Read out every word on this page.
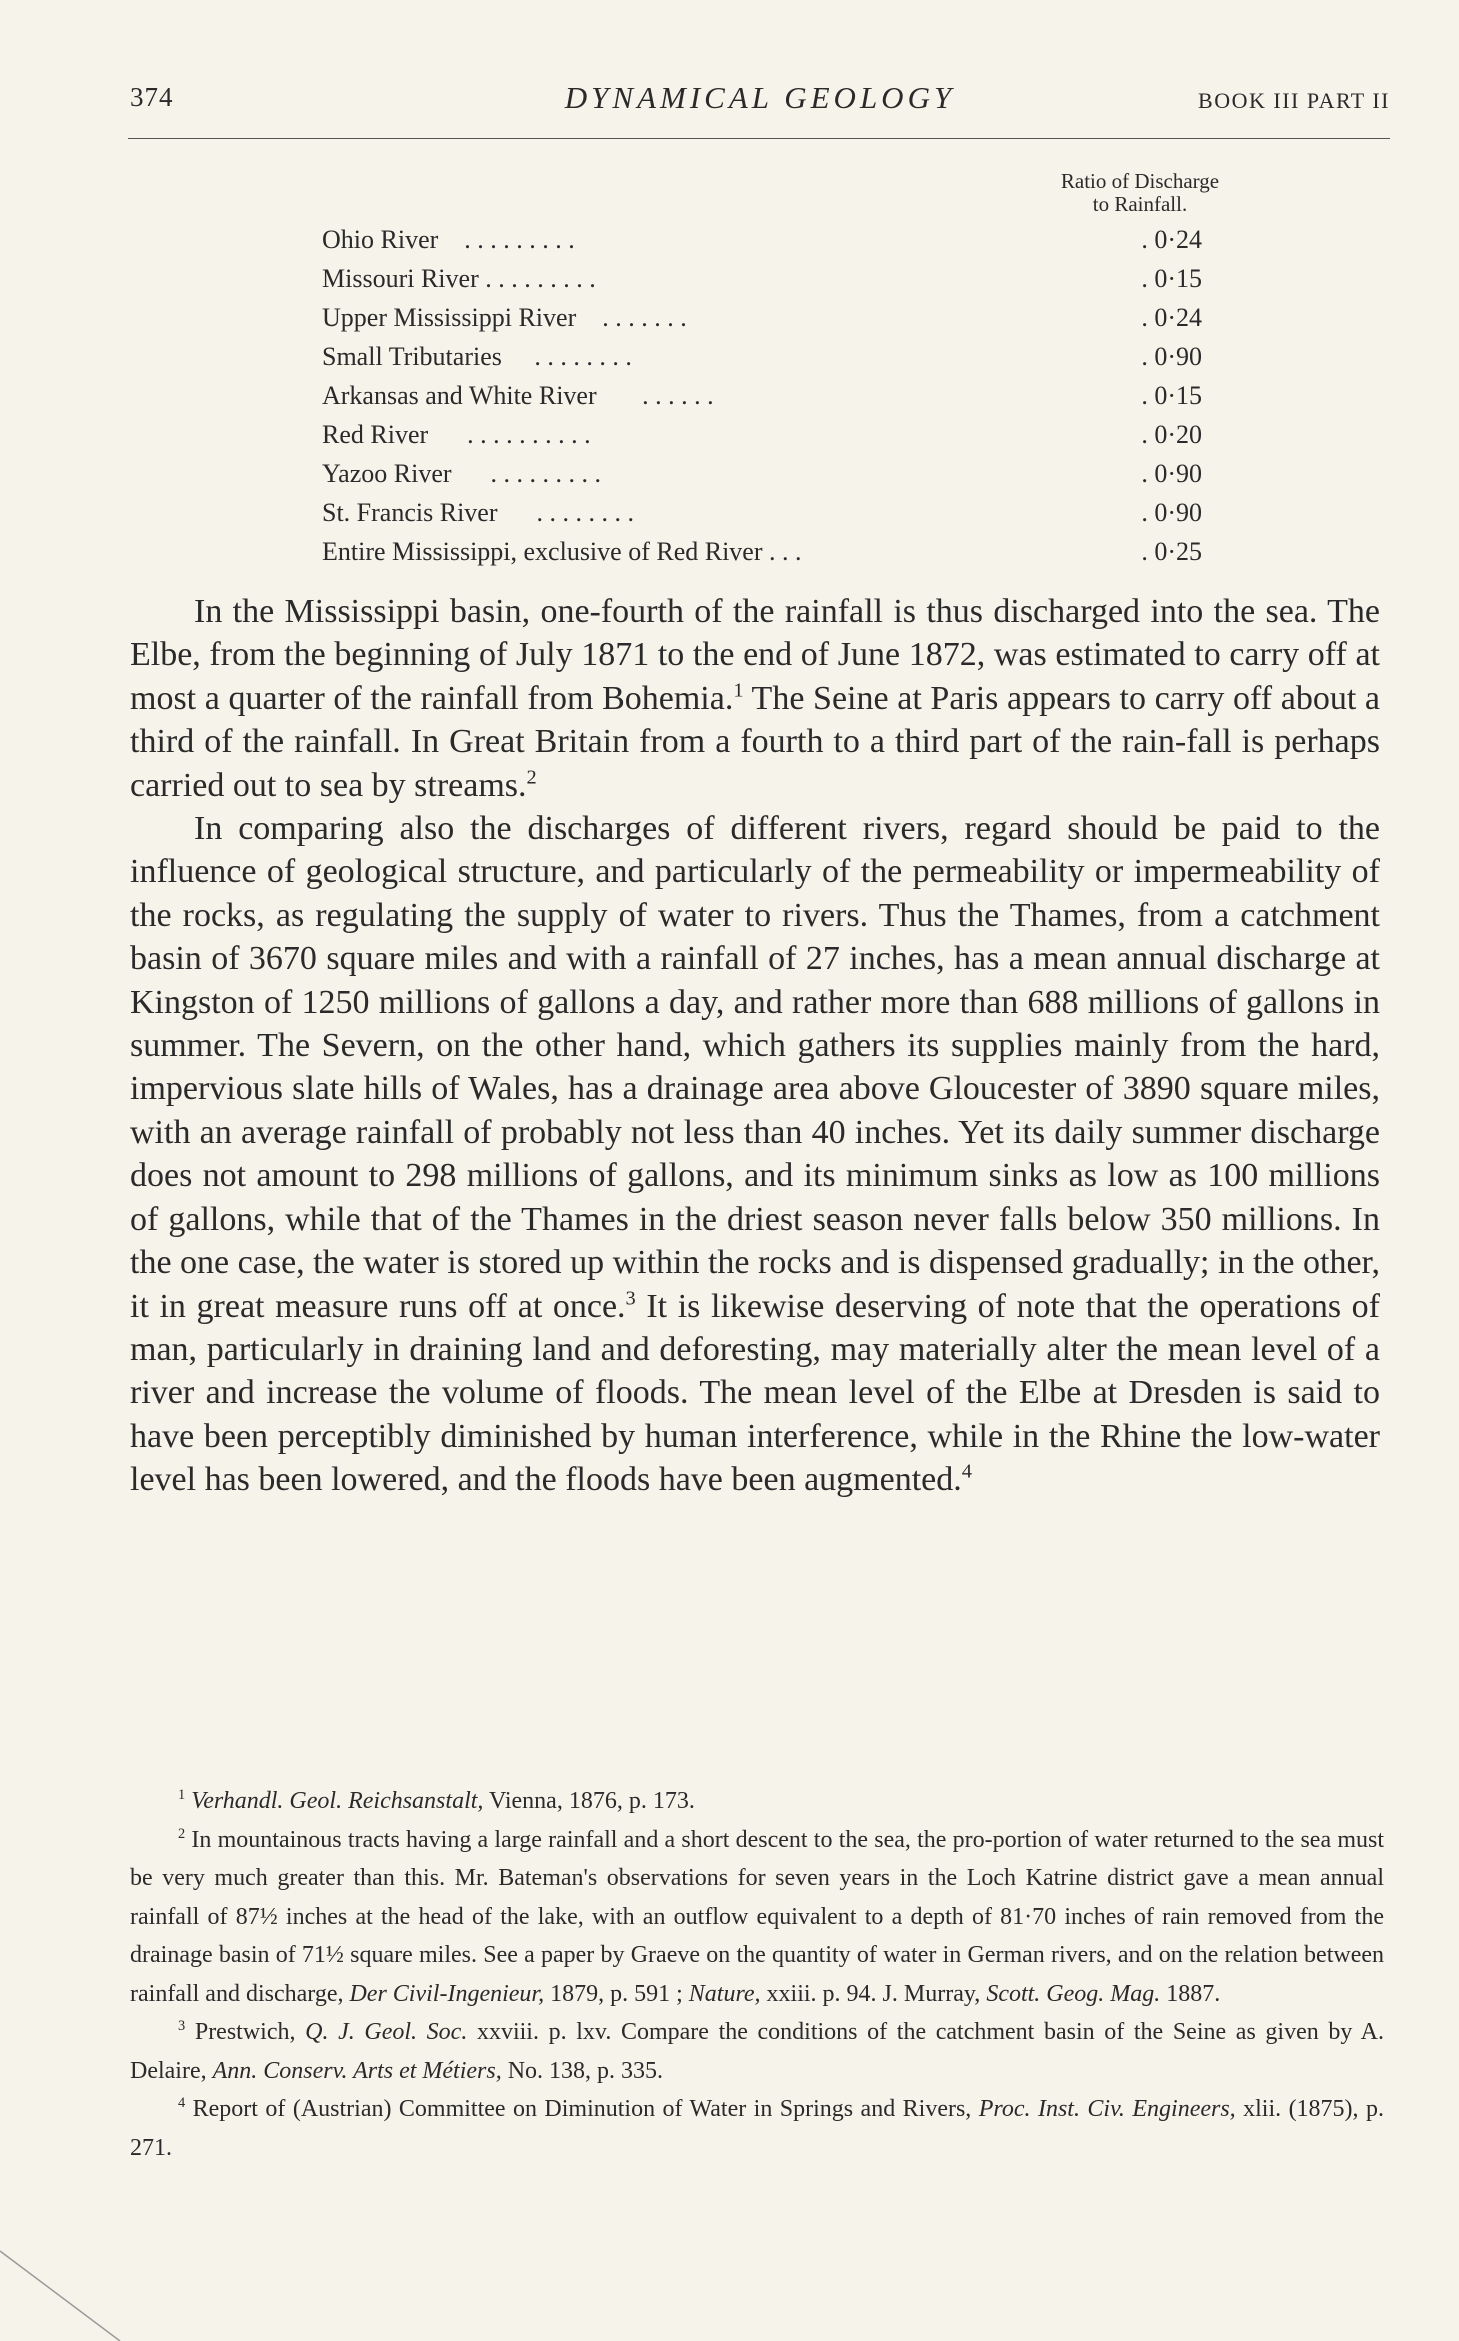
374	DYNAMICAL GEOLOGY	BOOK III PART II
Ratio of Discharge
to Rainfall.
Ohio River . . . . . . . . .	. 0·24
Missouri River . . . . . . . . .	. 0·15
Upper Mississippi River . . . . . . .	. 0·24
Small Tributaries . . . . . . . .	. 0·90
Arkansas and White River . . . . . .	. 0·15
Red River . . . . . . . . . .	. 0·20
Yazoo River . . . . . . . . .	. 0·90
St. Francis River . . . . . . . .	. 0·90
Entire Mississippi, exclusive of Red River . . .	. 0·25

In the Mississippi basin, one-fourth of the rainfall is thus discharged into the sea. The Elbe, from the beginning of July 1871 to the end of June 1872, was estimated to carry off at most a quarter of the rainfall from Bohemia.$^1$ The Seine at Paris appears to carry off about a third of the rainfall. In Great Britain from a fourth to a third part of the rain-fall is perhaps carried out to sea by streams.$^2$

In comparing also the discharges of different rivers, regard should be paid to the influence of geological structure, and particularly of the permeability or impermeability of the rocks, as regulating the supply of water to rivers. Thus the Thames, from a catchment basin of 3670 square miles and with a rainfall of 27 inches, has a mean annual discharge at Kingston of 1250 millions of gallons a day, and rather more than 688 millions of gallons in summer. The Severn, on the other hand, which gathers its supplies mainly from the hard, impervious slate hills of Wales, has a drainage area above Gloucester of 3890 square miles, with an average rainfall of probably not less than 40 inches. Yet its daily summer discharge does not amount to 298 millions of gallons, and its minimum sinks as low as 100 millions of gallons, while that of the Thames in the driest season never falls below 350 millions. In the one case, the water is stored up within the rocks and is dispensed gradually; in the other, it in great measure runs off at once.$^3$ It is likewise deserving of note that the operations of man, particularly in draining land and deforesting, may materially alter the mean level of a river and increase the volume of floods. The mean level of the Elbe at Dresden is said to have been perceptibly diminished by human interference, while in the Rhine the low-water level has been lowered, and the floods have been augmented.$^4$

$^1$ Verhandl. Geol. Reichsanstalt, Vienna, 1876, p. 173.

$^2$ In mountainous tracts having a large rainfall and a short descent to the sea, the pro-portion of water returned to the sea must be very much greater than this. Mr. Bateman's observations for seven years in the Loch Katrine district gave a mean annual rainfall of 87½ inches at the head of the lake, with an outflow equivalent to a depth of 81·70 inches of rain removed from the drainage basin of 71½ square miles. See a paper by Graeve on the quantity of water in German rivers, and on the relation between rainfall and discharge, Der Civil-Ingenieur, 1879, p. 591 ; Nature, xxiii. p. 94. J. Murray, Scott. Geog. Mag. 1887.

$^3$ Prestwich, Q. J. Geol. Soc. xxviii. p. lxv. Compare the conditions of the catchment basin of the Seine as given by A. Delaire, Ann. Conserv. Arts et Métiers, No. 138, p. 335.

$^4$ Report of (Austrian) Committee on Diminution of Water in Springs and Rivers, Proc. Inst. Civ. Engineers, xlii. (1875), p. 271.
